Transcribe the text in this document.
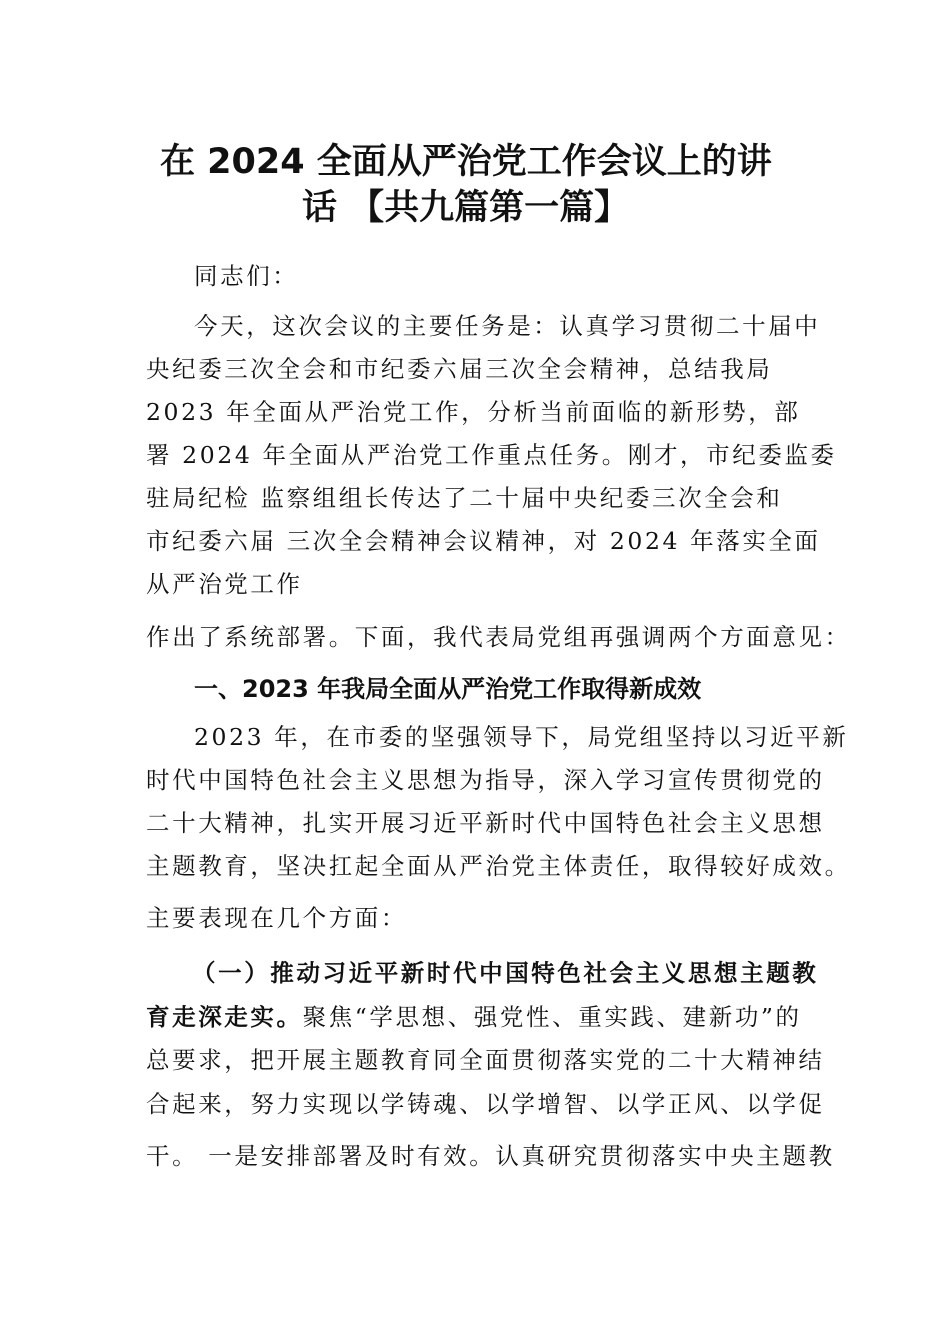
在 2024 全面从严治党工作会议上的讲
话 【共九篇第一篇】
同志们：
今天，这次会议的主要任务是：认真学习贯彻二十届中
央纪委三次全会和市纪委六届三次全会精神，总结我局
2023 年全面从严治党工作，分析当前面临的新形势，部
署 2024 年全面从严治党工作重点任务。刚才，市纪委监委
驻局纪检 监察组组长传达了二十届中央纪委三次全会和
市纪委六届 三次全会精神会议精神，对 2024 年落实全面
从严治党工作
作出了系统部署。下面，我代表局党组再强调两个方面意见：
一、2023 年我局全面从严治党工作取得新成效
2023 年，在市委的坚强领导下，局党组坚持以习近平新
时代中国特色社会主义思想为指导，深入学习宣传贯彻党的
二十大精神，扎实开展习近平新时代中国特色社会主义思想
主题教育，坚决扛起全面从严治党主体责任，取得较好成效。
主要表现在几个方面：
（一）推动习近平新时代中国特色社会主义思想主题教
育走深走实。聚焦“学思想、强党性、重实践、建新功”的
总要求，把开展主题教育同全面贯彻落实党的二十大精神结
合起来，努力实现以学铸魂、以学增智、以学正风、以学促
干。 一是安排部署及时有效。认真研究贯彻落实中央主题教
